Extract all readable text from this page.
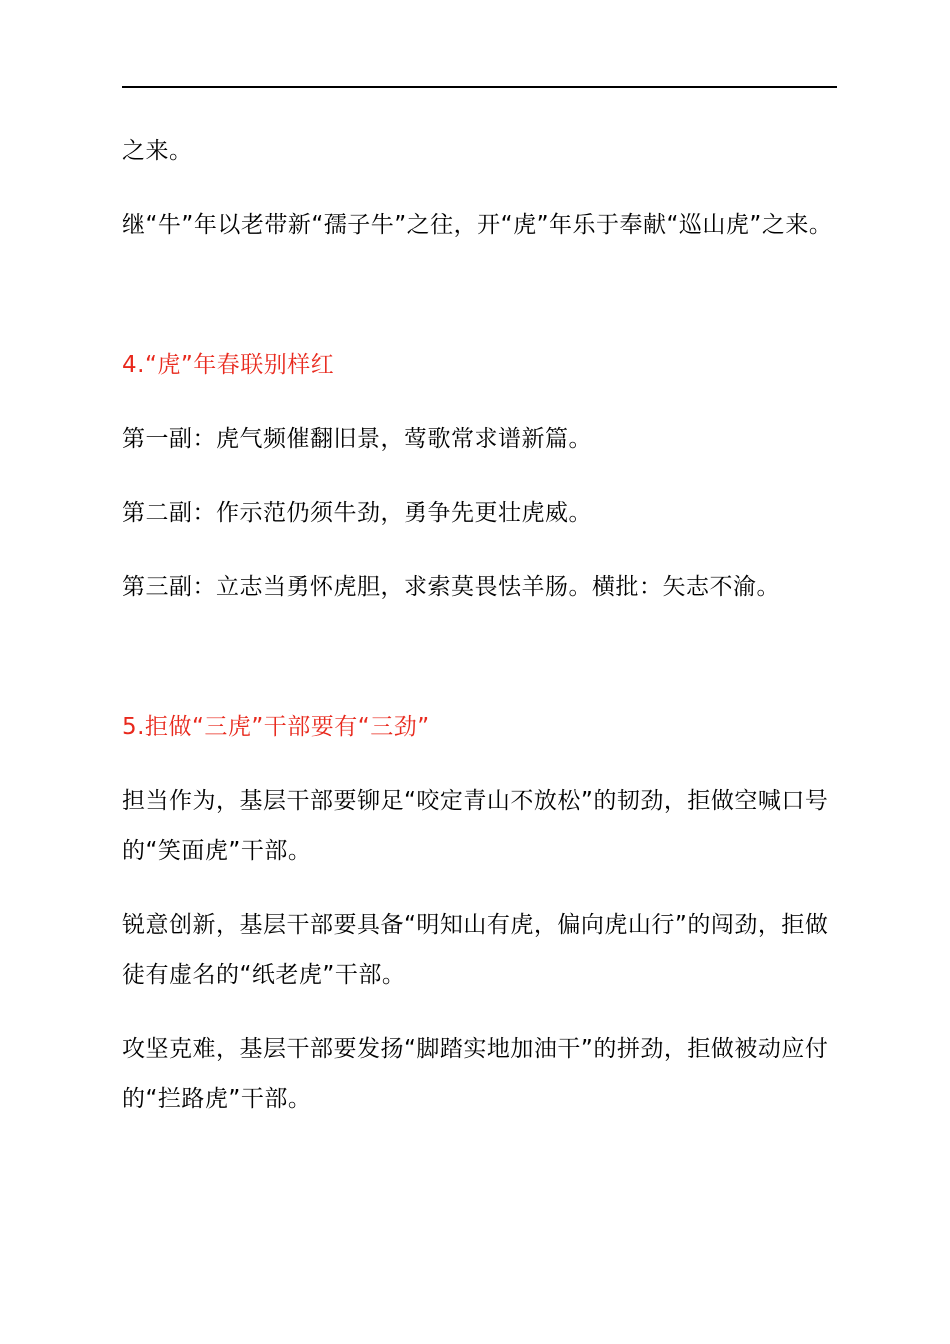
之来。

继“牛”年以老带新“孺子牛”之往，开“虎”年乐于奉献“巡山虎”之来。

4.“虎”年春联别样红

第一副：虎气频催翻旧景，莺歌常求谱新篇。

第二副：作示范仍须牛劲，勇争先更壮虎威。

第三副：立志当勇怀虎胆，求索莫畏怯羊肠。横批：矢志不渝。

5.拒做“三虎”干部要有“三劲”

担当作为，基层干部要铆足“咬定青山不放松”的韧劲，拒做空喊口号的“笑面虎”干部。

锐意创新，基层干部要具备“明知山有虎，偏向虎山行”的闯劲，拒做徒有虚名的“纸老虎”干部。

攻坚克难，基层干部要发扬“脚踏实地加油干”的拼劲，拒做被动应付的“拦路虎”干部。
